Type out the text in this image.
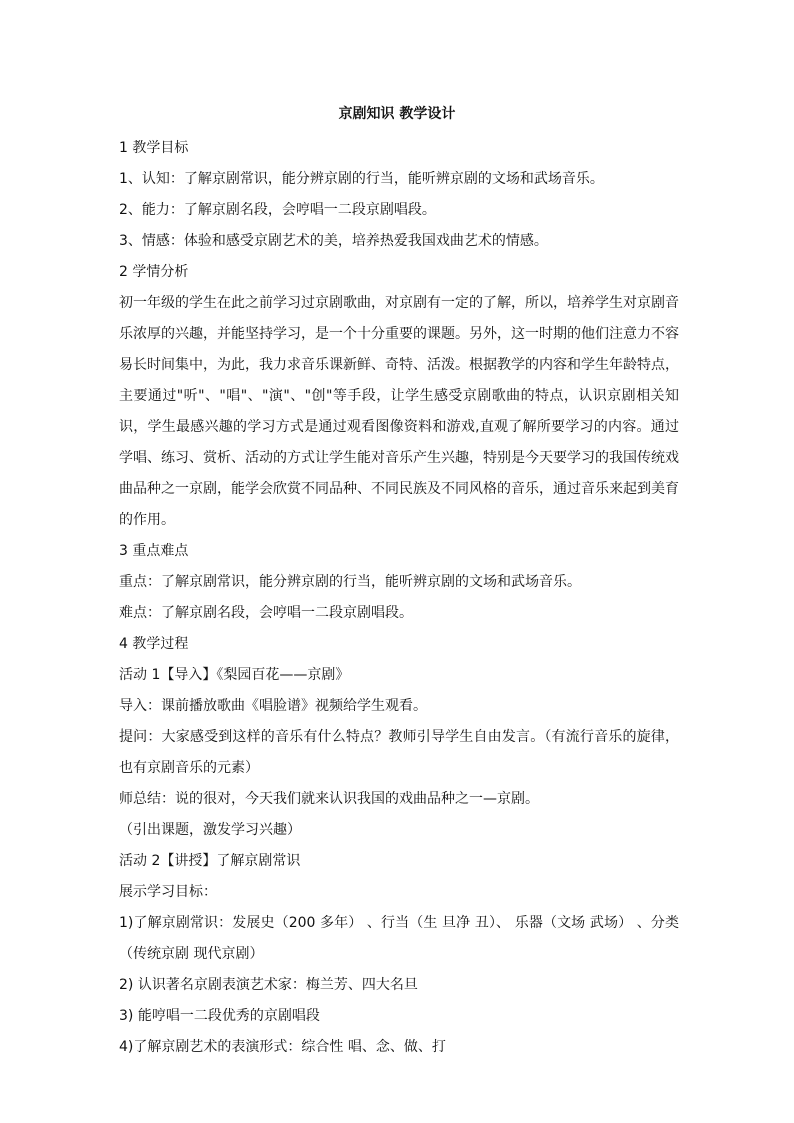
京剧知识 教学设计
1 教学目标
1、认知：了解京剧常识，能分辨京剧的行当，能听辨京剧的文场和武场音乐。
2、能力：了解京剧名段，会哼唱一二段京剧唱段。
3、情感：体验和感受京剧艺术的美，培养热爱我国戏曲艺术的情感。
2 学情分析
初一年级的学生在此之前学习过京剧歌曲，对京剧有一定的了解，所以，培养学生对京剧音乐浓厚的兴趣，并能坚持学习，是一个十分重要的课题。另外，这一时期的他们注意力不容易长时间集中，为此，我力求音乐课新鲜、奇特、活泼。根据教学的内容和学生年龄特点，主要通过"听"、"唱"、"演"、"创"等手段，让学生感受京剧歌曲的特点，认识京剧相关知识，学生最感兴趣的学习方式是通过观看图像资料和游戏,直观了解所要学习的内容。通过学唱、练习、赏析、活动的方式让学生能对音乐产生兴趣，特别是今天要学习的我国传统戏曲品种之一京剧，能学会欣赏不同品种、不同民族及不同风格的音乐，通过音乐来起到美育的作用。
3 重点难点
重点：了解京剧常识，能分辨京剧的行当，能听辨京剧的文场和武场音乐。
难点：了解京剧名段，会哼唱一二段京剧唱段。
4 教学过程
活动 1【导入】《梨园百花——京剧》
导入：课前播放歌曲《唱脸谱》视频给学生观看。
提问：大家感受到这样的音乐有什么特点？教师引导学生自由发言。（有流行音乐的旋律，也有京剧音乐的元素）
师总结：说的很对，今天我们就来认识我国的戏曲品种之一—京剧。
（引出课题，激发学习兴趣）
活动 2【讲授】了解京剧常识
展示学习目标：
1)了解京剧常识：发展史（200 多年） 、行当（生 旦净 丑）、 乐器（文场 武场） 、分类（传统京剧 现代京剧）
2) 认识著名京剧表演艺术家：梅兰芳、四大名旦
3) 能哼唱一二段优秀的京剧唱段
4)了解京剧艺术的表演形式：综合性 唱、念、做、打
